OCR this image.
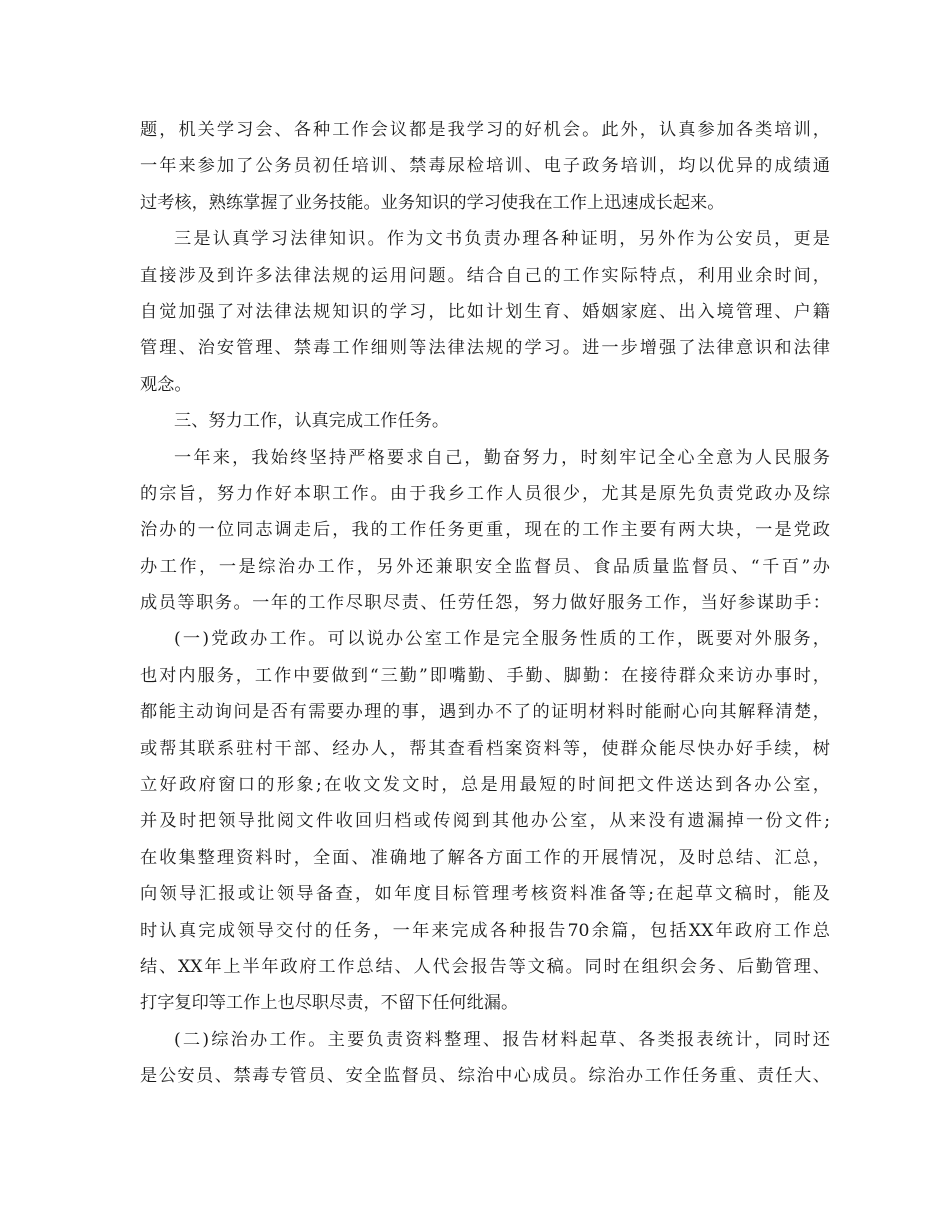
题，机关学习会、各种工作会议都是我学习的好机会。此外，认真参加各类培训，
一年来参加了公务员初任培训、禁毒尿检培训、电子政务培训，均以优异的成绩通
过考核，熟练掌握了业务技能。业务知识的学习使我在工作上迅速成长起来。
三是认真学习法律知识。作为文书负责办理各种证明，另外作为公安员，更是
直接涉及到许多法律法规的运用问题。结合自己的工作实际特点，利用业余时间，
自觉加强了对法律法规知识的学习，比如计划生育、婚姻家庭、出入境管理、户籍
管理、治安管理、禁毒工作细则等法律法规的学习。进一步增强了法律意识和法律
观念。
三、努力工作，认真完成工作任务。
一年来，我始终坚持严格要求自己，勤奋努力，时刻牢记全心全意为人民服务
的宗旨，努力作好本职工作。由于我乡工作人员很少，尤其是原先负责党政办及综
治办的一位同志调走后，我的工作任务更重，现在的工作主要有两大块，一是党政
办工作，一是综治办工作，另外还兼职安全监督员、食品质量监督员、“千百”办
成员等职务。一年的工作尽职尽责、任劳任怨，努力做好服务工作，当好参谋助手：
(一)党政办工作。可以说办公室工作是完全服务性质的工作，既要对外服务，
也对内服务，工作中要做到“三勤”即嘴勤、手勤、脚勤：在接待群众来访办事时，
都能主动询问是否有需要办理的事，遇到办不了的证明材料时能耐心向其解释清楚，
或帮其联系驻村干部、经办人，帮其查看档案资料等，使群众能尽快办好手续，树
立好政府窗口的形象;在收文发文时，总是用最短的时间把文件送达到各办公室，
并及时把领导批阅文件收回归档或传阅到其他办公室，从来没有遗漏掉一份文件;
在收集整理资料时，全面、准确地了解各方面工作的开展情况，及时总结、汇总，
向领导汇报或让领导备查，如年度目标管理考核资料准备等;在起草文稿时，能及
时认真完成领导交付的任务，一年来完成各种报告70余篇，包括XX年政府工作总
结、XX年上半年政府工作总结、人代会报告等文稿。同时在组织会务、后勤管理、
打字复印等工作上也尽职尽责，不留下任何纰漏。
(二)综治办工作。主要负责资料整理、报告材料起草、各类报表统计，同时还
是公安员、禁毒专管员、安全监督员、综治中心成员。综治办工作任务重、责任大、
